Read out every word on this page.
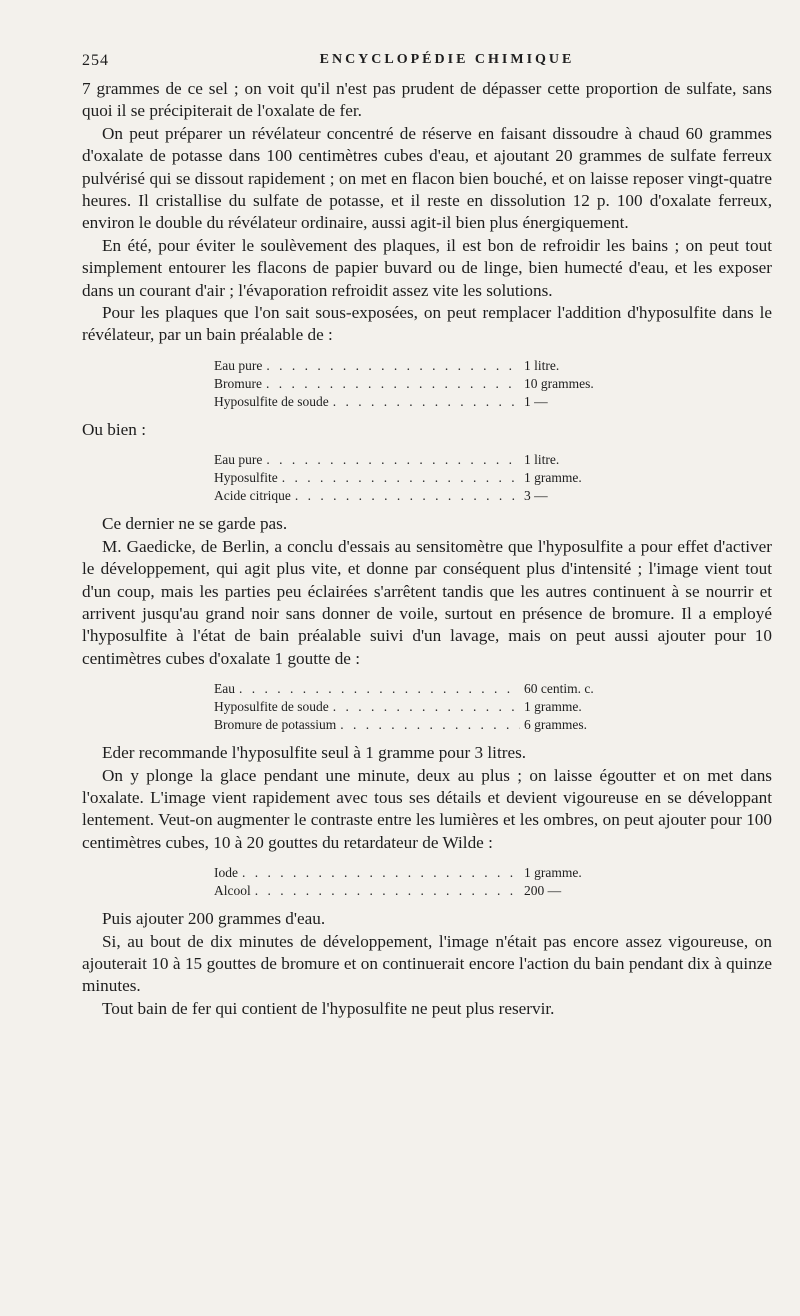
254	ENCYCLOPÉDIE CHIMIQUE

7 grammes de ce sel ; on voit qu'il n'est pas prudent de dépasser cette proportion de sulfate, sans quoi il se précipiterait de l'oxalate de fer.

On peut préparer un révélateur concentré de réserve en faisant dissoudre à chaud 60 grammes d'oxalate de potasse dans 100 centimètres cubes d'eau, et ajoutant 20 grammes de sulfate ferreux pulvérisé qui se dissout rapidement ; on met en flacon bien bouché, et on laisse reposer vingt-quatre heures. Il cristallise du sulfate de potasse, et il reste en dissolution 12 p. 100 d'oxalate ferreux, environ le double du révélateur ordinaire, aussi agit-il bien plus énergiquement.

En été, pour éviter le soulèvement des plaques, il est bon de refroidir les bains ; on peut tout simplement entourer les flacons de papier buvard ou de linge, bien humecté d'eau, et les exposer dans un courant d'air ; l'évaporation refroidit assez vite les solutions.

Pour les plaques que l'on sait sous-exposées, on peut remplacer l'addition d'hyposulfite dans le révélateur, par un bain préalable de :

Eau pure . . .	1 litre.
Bromure . . .	10 grammes.
Hyposulfite de soude . . .	1 —

Ou bien :

Eau pure . . .	1 litre.
Hyposulfite . . .	1 gramme.
Acide citrique . . .	3 —

Ce dernier ne se garde pas.

M. Gaedicke, de Berlin, a conclu d'essais au sensitomètre que l'hyposulfite a pour effet d'activer le développement, qui agit plus vite, et donne par conséquent plus d'intensité ; l'image vient tout d'un coup, mais les parties peu éclairées s'arrêtent tandis que les autres continuent à se nourrir et arrivent jusqu'au grand noir sans donner de voile, surtout en présence de bromure. Il a employé l'hyposulfite à l'état de bain préalable suivi d'un lavage, mais on peut aussi ajouter pour 10 centimètres cubes d'oxalate 1 goutte de :

Eau . . .	60 centim. c.
Hyposulfite de soude . . .	1 gramme.
Bromure de potassium . . .	6 grammes.

Eder recommande l'hyposulfite seul à 1 gramme pour 3 litres.

On y plonge la glace pendant une minute, deux au plus ; on laisse égoutter et on met dans l'oxalate. L'image vient rapidement avec tous ses détails et devient vigoureuse en se développant lentement. Veut-on augmenter le contraste entre les lumières et les ombres, on peut ajouter pour 100 centimètres cubes, 10 à 20 gouttes du retardateur de Wilde :

Iode . . .	1 gramme.
Alcool . . .	200 —

Puis ajouter 200 grammes d'eau.

Si, au bout de dix minutes de développement, l'image n'était pas encore assez vigoureuse, on ajouterait 10 à 15 gouttes de bromure et on continuerait encore l'action du bain pendant dix à quinze minutes.

Tout bain de fer qui contient de l'hyposulfite ne peut plus reservir.
